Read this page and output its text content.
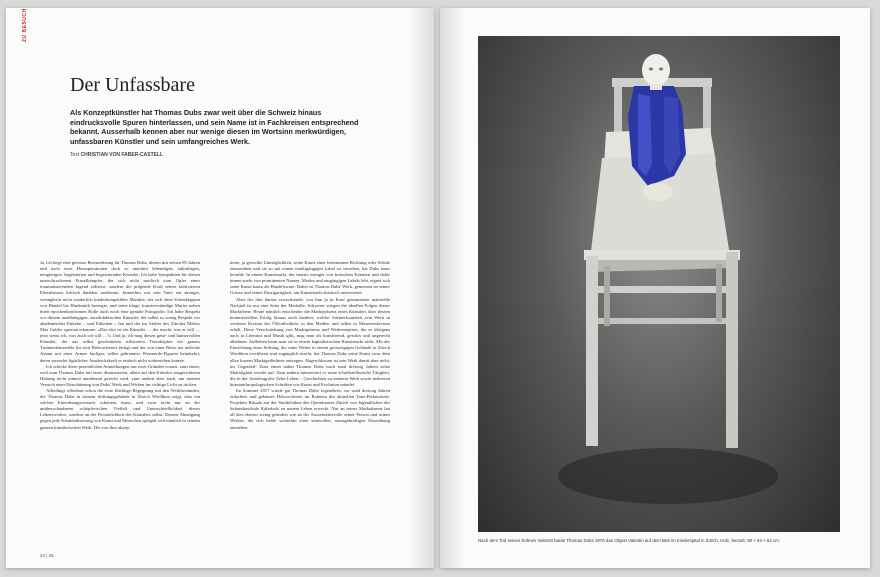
ZU BESUCH
Der Unfassbare

Als Konzeptkünstler hat Thomas Dubs zwar weit über die Schweiz hinaus eindrucksvolle Spuren hinterlassen, und sein Name ist in Fachkreisen entsprechend bekannt. Ausserhalb kennen aber nur wenige diesen im Wortsinn merkwürdigen, unfassbaren Künstler und sein umfangreiches Werk.

Text CHRISTIAN VON FABER-CASTELL

Ja, ich hege eine gewisse Bewunderung für Thomas Dubs, diesen mit seinen 85 Jahren und nach zwei Herzoperationen doch so unerhört lebendigen, tatkräftigen, neugierigen, begeisterten und begeisternden Künstler. Ich habe Sympathien für diesen unerschrockenen Einzelkämpfer, der sich nicht modisch zum Opfer einer traumatisierenden Jugend stilisiert, sondern die prägende Kraft seines kultivierten Elternhauses kritisch dankbar anerkennt. Immerhin war sein Vater ein strenger, wenngleich nicht sonderlich kinderkompatibler Musiker, der sich ohne Scheuklappen von Händel bis Hindemith bewegte, und seine kluge, kunstverständige Mutter neben ihren epochenkonformen Rolle auch noch eine geniale Fotografin. Ich habe Respekt vor diesem unabhängigen, autodidaktischen Künstler, der selbst so wenig Respekt vor akademischer Etikette – und Etiketten – hat und der im Atelier des Zürcher Malers Max Gubler spontan erkannte: «Das also ist ein Künstler … der macht, was er will … jetzt weiss ich, was auch ich will …!» Und ja, ich mag diesen geist- und humorvollen Künstler, der aus selbst geschnitzten stilisierten Totenköpfen ein ganzes Trommelensemble für sein Holzorchester fertigt und der von einer Reise ins indische Assam mit einer Armee kurliger, selbst gebrannter Wurmerde-Figuren heimkehrt, deren surrealer figürlicher Ausdruckskraft er einfach nicht widerstehen konnte.

Ich schicke diese persönlichen Anmerkungen aus zwei Gründen voraus: zum einen, weil man Thomas Dubs mit einer distanzierten, allein auf den Künstler ausgerichteten Haltung nicht einmal annähernd gerecht wird, zum andern aber auch, um meinen Versuch einer Einschätzung von Dubs' Werk und Wirken ins richtige Licht zu rücken.

Allerdings offenbart schon die erste flüchtige Begegnung mit den Werkbeständen, die Thomas Dubs in seinem Stiftungsgebäude in Zürich Wiedikon zeigt, dass ein solcher Einordnungsversuch scheitern muss, und zwar nicht nur an der unüberschaubaren schöpferischen Vielfalt und Unterschiedlichkeit dieses Lebenswerkes, sondern an der Persönlichkeit des Künstlers selbst. Dessen Abneigung gegen jede Schubladisierung von Kunst und Menschen spiegelt sich nämlich in seinem ganzen künstlerischen Werk. Die von ihm akzep-

tierte, ja gewollte Unmöglichkeit, seine Kunst einer bestimmten Richtung oder Schule zuzuordnen und sie so mit einem marktgängigen Label zu versehen, hat Dubs teuer bezahlt: In einem Kunstmarkt, der immer weniger von kritischen Kennern und dafür immer mehr von prominenten Namen, Moden und eingängigen Labels lebt, eignet sich seine Kunst kaum als Handelsware. Daher ist Thomas Dubs' Werk, gemessen an seiner Grösse und seiner Einzigartigkeit, am Kunstmarkt drastisch unterwertet.

Aber der ihm daraus erwachsende, von ihm ja in Kauf genommene materielle Nachteil ist nur eine Seite der Medaille. Schwerer wiegen die ideellen Folgen dieser Marktferne. Heute nämlich entscheidet die Marktpräsenz eines Künstlers über dessen kommerziellen Erfolg hinaus auch darüber, welche Aufmerksamkeit sein Werk in weiteren Kreisen der Öffentlichkeit, in den Medien und selbst in Museumskreisen erhält. Diese Verschränkung von Marktpräsenz und Werkrezeption, die es übrigens auch in Literatur und Musik gibt, mag man als kunstfremd, geistlos und ungerecht ablehnen. Aufheben kann man sie in einem kapitalistischen Kunstmarkt nicht. Mit der Einrichtung einer Stiftung, die seine Werke in einem grosszügigen Gebäude in Zürich Wiedikon erschliesst und zugänglich macht, hat Thomas Dubs seine Kunst zwar dem allzu kurzen Marktgedächtnis entzogen. Abgeschlossen ist sein Werk damit aber nicht, im Gegenteil: Zum einen nahm Thomas Dubs nach rund dreissig Jahren seine Maltätigkeit wieder auf. Zum andern intensiviert er seine schriftstellerische Tätigkeit, die in der Autobiografie Zehn Leben – Geschichten zu meinem Werk sowie mehreren kunstanthropologischen Schriften wie Kunst und Evolution mündet.

Im Sommer 2017 wurde gar Thomas Dubs' legendäres, vor rund dreissig Jahren erdachtes und gebautes Holzorchester im Rahmen des aktuellen Tanz-Perkussions-Projektes Ritualz auf der Studiobühne des Opernhauses Zürich von Jugendlichen der Sekundarschule Käferholz zu neuem Leben erweckt. Nur an seiner Marktabsenz hat all dies ebenso wenig geändert wie an der Aussenseiterrolle seiner Person und seines Werkes, die sich beide weiterhin einer sinnvollen, aussagekräftigen Einordnung entziehen.

24 | 25
Nach dem Tod seines Sohnes Valentin baute Thomas Dubs 1976 das Objekt Valentin auf dem Bett im Kinderspital in Zürich, Holz, bemalt, 98 × 63 × 64 cm.
